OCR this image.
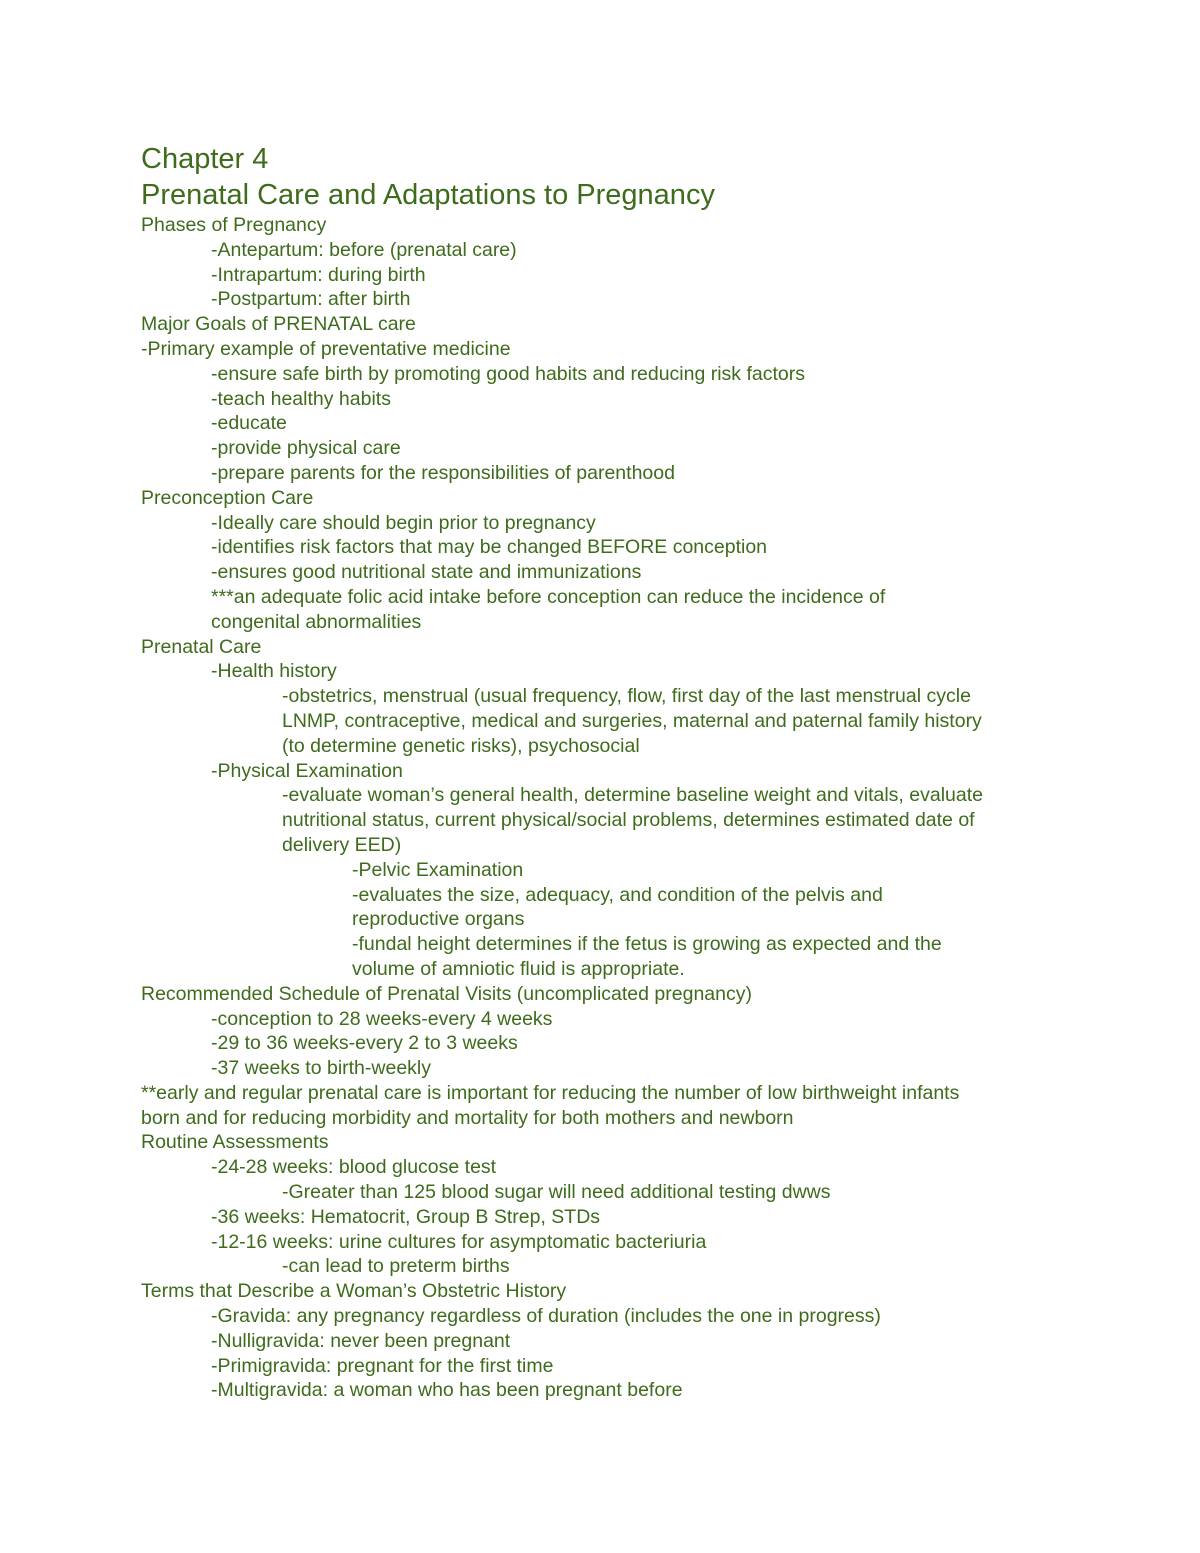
Chapter 4
Prenatal Care and Adaptations to Pregnancy
Phases of Pregnancy
-Antepartum: before (prenatal care)
-Intrapartum: during birth
-Postpartum: after birth
Major Goals of PRENATAL care
-Primary example of preventative medicine
-ensure safe birth by promoting good habits and reducing risk factors
-teach healthy habits
-educate
-provide physical care
-prepare parents for the responsibilities of parenthood
Preconception Care
-Ideally care should begin prior to pregnancy
-identifies risk factors that may be changed BEFORE conception
-ensures good nutritional state and immunizations
***an adequate folic acid intake before conception can reduce the incidence of
congenital abnormalities
Prenatal Care
-Health history
-obstetrics, menstrual (usual frequency, flow, first day of the last menstrual cycle
LNMP, contraceptive, medical and surgeries, maternal and paternal family history
(to determine genetic risks), psychosocial
-Physical Examination
-evaluate woman’s general health, determine baseline weight and vitals, evaluate
nutritional status, current physical/social problems, determines estimated date of
delivery EED)
-Pelvic Examination
-evaluates the size, adequacy, and condition of the pelvis and
reproductive organs
-fundal height determines if the fetus is growing as expected and the
volume of amniotic fluid is appropriate.
Recommended Schedule of Prenatal Visits (uncomplicated pregnancy)
-conception to 28 weeks-every 4 weeks
-29 to 36 weeks-every 2 to 3 weeks
-37 weeks to birth-weekly
**early and regular prenatal care is important for reducing the number of low birthweight infants
born and for reducing morbidity and mortality for both mothers and newborn
Routine Assessments
-24-28 weeks: blood glucose test
-Greater than 125 blood sugar will need additional testing dwws
-36 weeks: Hematocrit, Group B Strep, STDs
-12-16 weeks: urine cultures for asymptomatic bacteriuria
-can lead to preterm births
Terms that Describe a Woman’s Obstetric History
-Gravida: any pregnancy regardless of duration (includes the one in progress)
-Nulligravida: never been pregnant
-Primigravida: pregnant for the first time
-Multigravida: a woman who has been pregnant before
